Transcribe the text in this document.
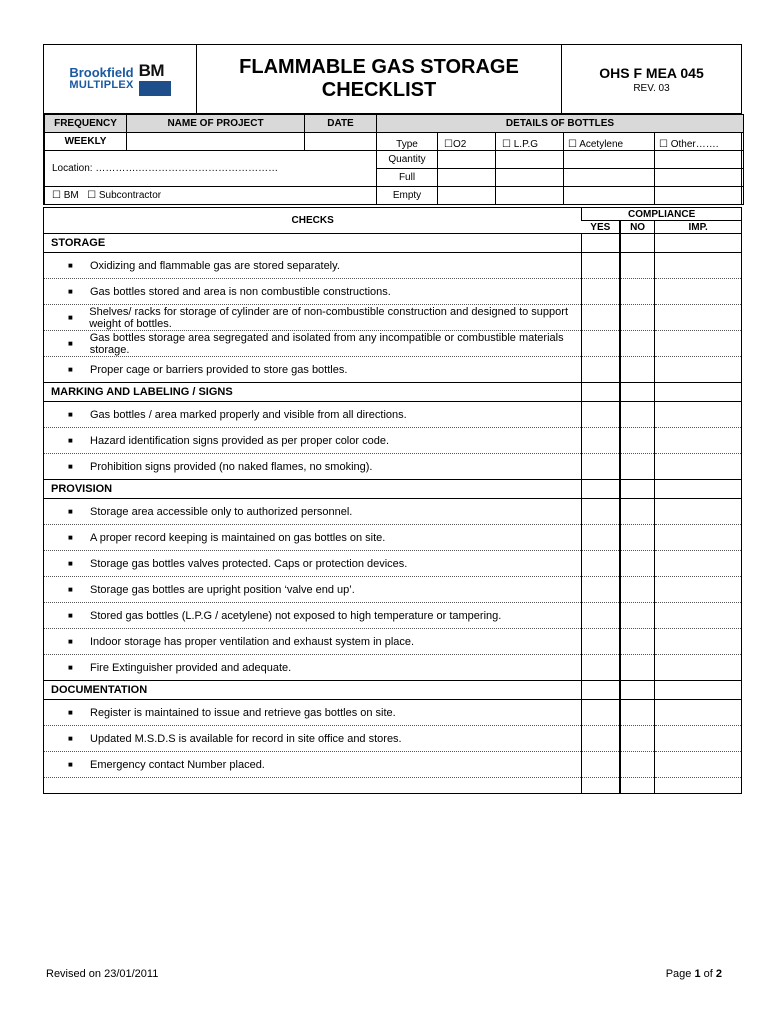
Brookfield
MULTIPLEX
BM	FLAMMABLE GAS STORAGE
CHECKLIST
OHS F MEA 045
REV. 03
FREQUENCY	NAME OF PROJECT	DATE	DETAILS OF BOTTLES				
WEEKLY			Type	☐O2	☐ L.P.G	☐ Acetylene	☐ Other…….
Location: ………….……………………………………			Quantity				
			Full				
☐ BM ☐ Subcontractor			Empty				
CHECKS	COMPLIANCE		
	YES	NO	IMP.
STORAGE			

■ Oxidizing and flammable gas are stored separately.			

■ Gas bottles stored and area is non combustible constructions.			

■ Shelves/ racks for storage of cylinder are of non-combustible construction and designed to support weight of bottles.			

■ Gas bottles storage area segregated and isolated from any incompatible or combustible materials storage.			

■ Proper cage or barriers provided to store gas bottles.			

MARKING AND LABELING / SIGNS			

■ Gas bottles / area marked properly and visible from all directions.			

■ Hazard identification signs provided as per proper color code.			

■ Prohibition signs provided (no naked flames, no smoking).			

PROVISION			

■ Storage area accessible only to authorized personnel.			

■ A proper record keeping is maintained on gas bottles on site.			

■ Storage gas bottles valves protected. Caps or protection devices.			

■ Storage gas bottles are upright position ‘valve end up’.			

■ Stored gas bottles (L.P.G / acetylene) not exposed to high temperature or tampering.			

■ Indoor storage has proper ventilation and exhaust system in place.			

■ Fire Extinguisher provided and adequate.			

DOCUMENTATION			

■ Register is maintained to issue and retrieve gas bottles on site.			

■ Updated M.S.D.S is available for record in site office and stores.			

■ Emergency contact Number placed.			

Revised on 23/01/2011	Page 1 of 2
